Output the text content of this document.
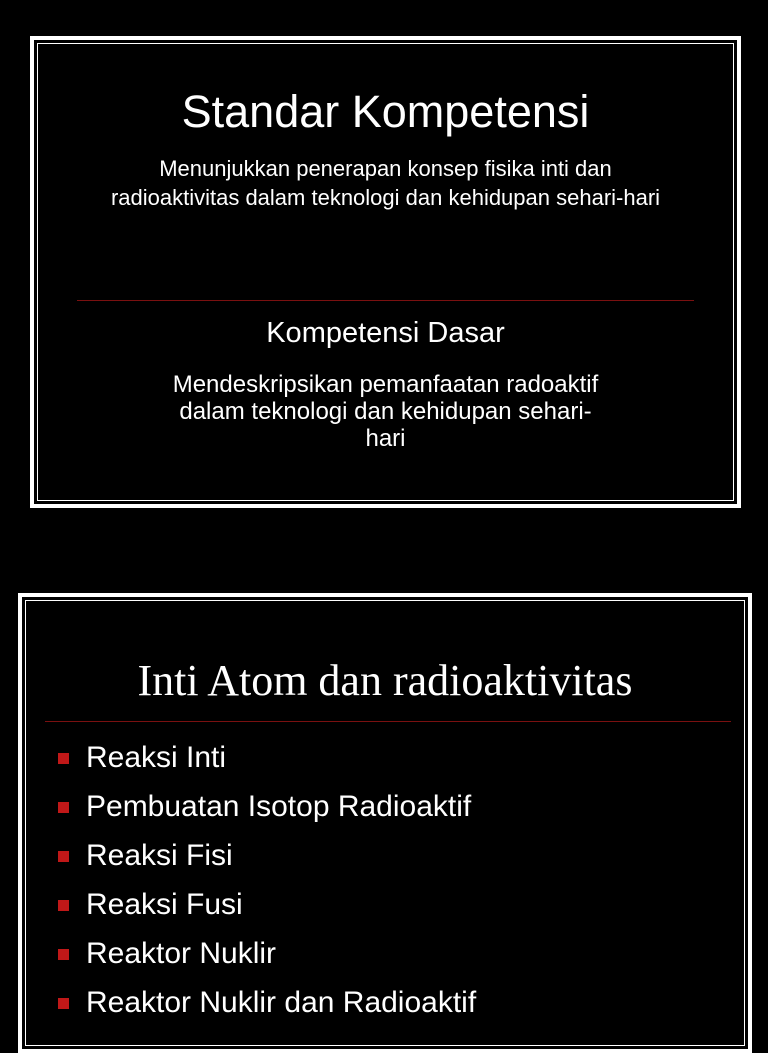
Standar Kompetensi
Menunjukkan penerapan konsep fisika inti dan
radioaktivitas dalam teknologi dan kehidupan sehari-hari
Kompetensi Dasar
Mendeskripsikan pemanfaatan radoaktif
dalam teknologi dan kehidupan sehari-
hari
Inti Atom dan radioaktivitas
Reaksi Inti
Pembuatan Isotop Radioaktif
Reaksi Fisi
Reaksi Fusi
Reaktor Nuklir
Reaktor Nuklir dan Radioaktif
